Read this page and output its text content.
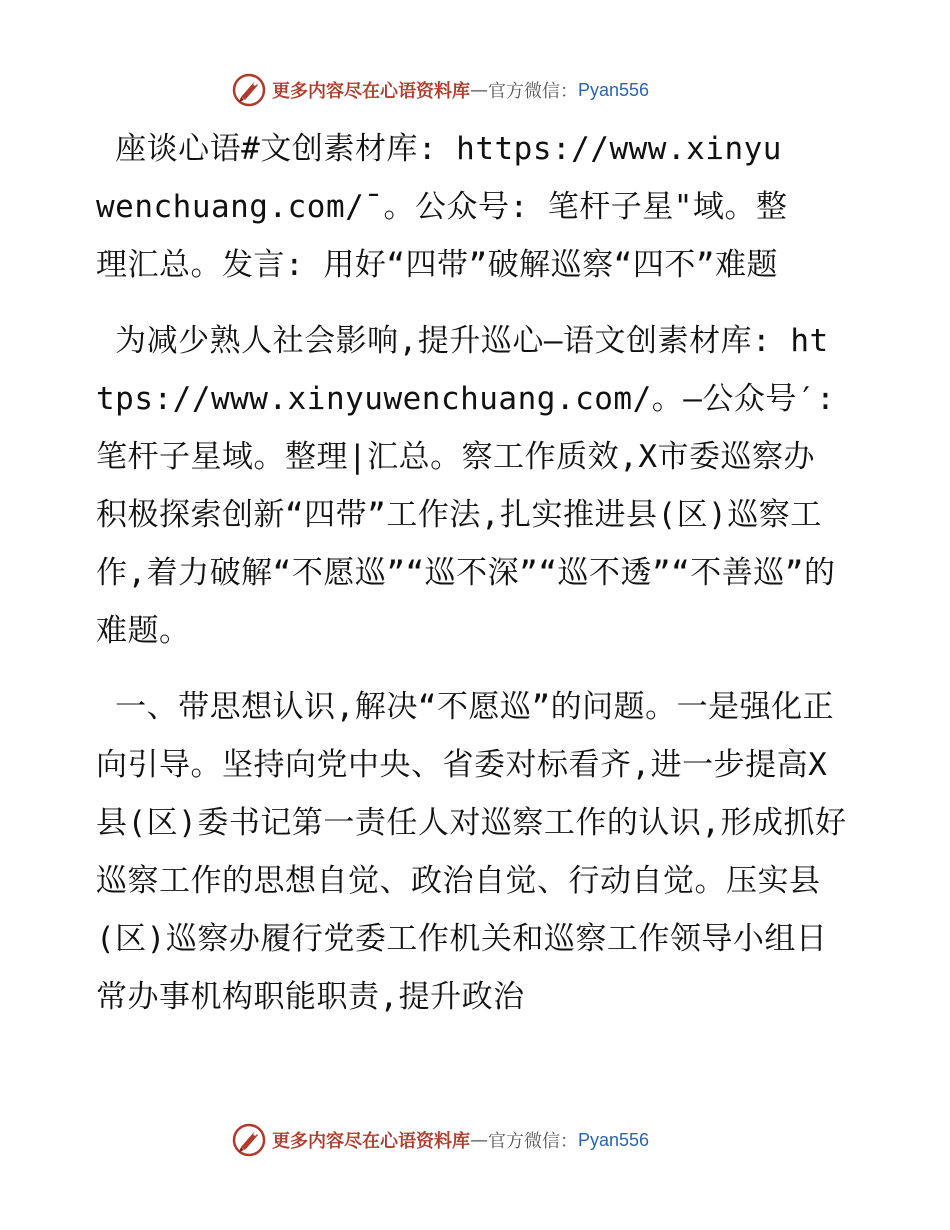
更多内容尽在心语资料库 — 官方微信： Pyan556

座谈心语#文创素材库: https://www.xinyuwenchuang.com/¯。公众号: 笔杆子星"域。整理汇总。发言: 用好“四带”破解巡察“四不”难题

为减少熟人社会影响,提升巡心—语文创素材库: https://www.xinyuwenchuang.com/。—公众号′: 笔杆子星域。整理|汇总。察工作质效,X市委巡察办积极探索创新“四带”工作法,扎实推进县(区)巡察工作,着力破解“不愿巡”“巡不深”“巡不透”“不善巡”的难题。

一、带思想认识,解决“不愿巡”的问题。一是强化正向引导。坚持向党中央、省委对标看齐,进一步提高X县(区)委书记第一责任人对巡察工作的认识,形成抓好巡察工作的思想自觉、政治自觉、行动自觉。压实县(区)巡察办履行党委工作机关和巡察工作领导小组日常办事机构职能职责,提升政治

更多内容尽在心语资料库 — 官方微信： Pyan556
